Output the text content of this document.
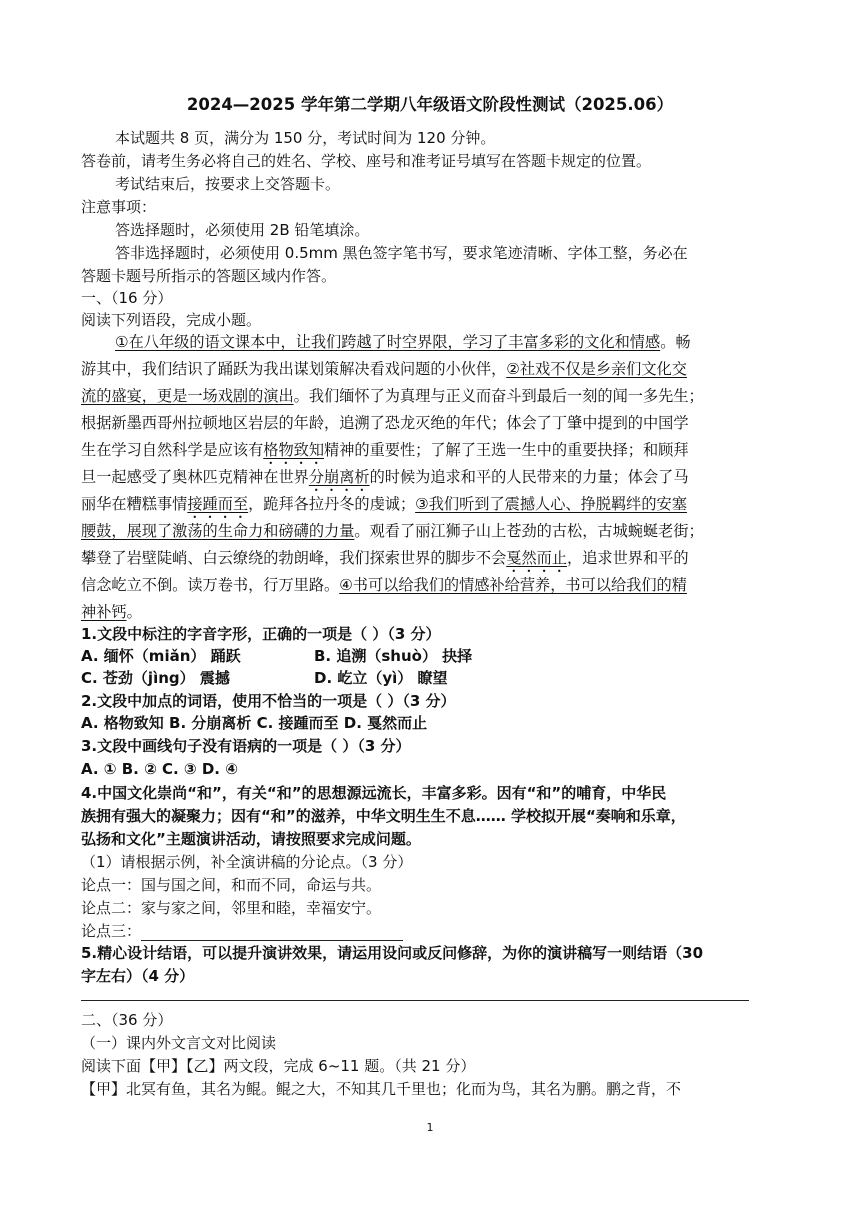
2024—2025 学年第二学期八年级语文阶段性测试（2025.06）
本试题共 8 页，满分为 150 分，考试时间为 120 分钟。
答卷前，请考生务必将自己的姓名、学校、座号和准考证号填写在答题卡规定的位置。
考试结束后，按要求上交答题卡。
注意事项：
答选择题时，必须使用 2B 铅笔填涂。
答非选择题时，必须使用 0.5mm 黑色签字笔书写，要求笔迹清晰、字体工整，务必在
答题卡题号所指示的答题区域内作答。
一、（16 分）
阅读下列语段，完成小题。
①在八年级的语文课本中，让我们跨越了时空界限，学习了丰富多彩的文化和情感。畅
游其中，我们结识了踊跃为我出谋划策解决看戏问题的小伙伴，②社戏不仅是乡亲们文化交
流的盛宴，更是一场戏剧的演出。我们缅怀了为真理与正义而奋斗到最后一刻的闻一多先生；
根据新墨西哥州拉顿地区岩层的年龄，追溯了恐龙灭绝的年代；体会了丁肇中提到的中国学
生在学习自然科学是应该有格物致知精神的重要性；了解了王选一生中的重要抉择；和顾拜
旦一起感受了奥林匹克精神在世界分崩离析的时候为追求和平的人民带来的力量；体会了马
丽华在糟糕事情接踵而至，跪拜各拉丹冬的虔诚；③我们听到了震撼人心、挣脱羁绊的安塞
腰鼓，展现了激荡的生命力和磅礴的力量。观看了丽江狮子山上苍劲的古松，古城蜿蜒老街；
攀登了岩壁陡峭、白云缭绕的勃朗峰，我们探索世界的脚步不会戛然而止，追求世界和平的
信念屹立不倒。读万卷书，行万里路。④书可以给我们的情感补给营养，书可以给我们的精
神补钙。
1.文段中标注的字音字形，正确的一项是（ ）（3 分）
A. 缅怀（miǎn） 踊跃	B. 追溯（shuò） 抉择
C. 苍劲（jìng） 震撼	D. 屹立（yì） 瞭望
2.文段中加点的词语，使用不恰当的一项是（ ）（3 分）
A. 格物致知 B. 分崩离析 C. 接踵而至 D. 戛然而止
3.文段中画线句子没有语病的一项是（ ）（3 分）
A. ① B. ② C. ③ D. ④
4.中国文化崇尚“和”，有关“和”的思想源远流长，丰富多彩。因有“和”的哺育，中华民
族拥有强大的凝聚力；因有“和”的滋养，中华文明生生不息…… 学校拟开展“奏响和乐章，
弘扬和文化”主题演讲活动，请按照要求完成问题。
（1）请根据示例，补全演讲稿的分论点。（3 分）
论点一：国与国之间，和而不同，命运与共。
论点二：家与家之间，邻里和睦，幸福安宁。
论点三：
5.精心设计结语，可以提升演讲效果，请运用设问或反问修辞，为你的演讲稿写一则结语（30
字左右）（4 分）
二、（36 分）
（一）课内外文言文对比阅读
阅读下面【甲】【乙】两文段，完成 6~11 题。（共 21 分）
【甲】北冥有鱼，其名为鲲。鲲之大，不知其几千里也；化而为鸟，其名为鹏。鹏之背，不
1
